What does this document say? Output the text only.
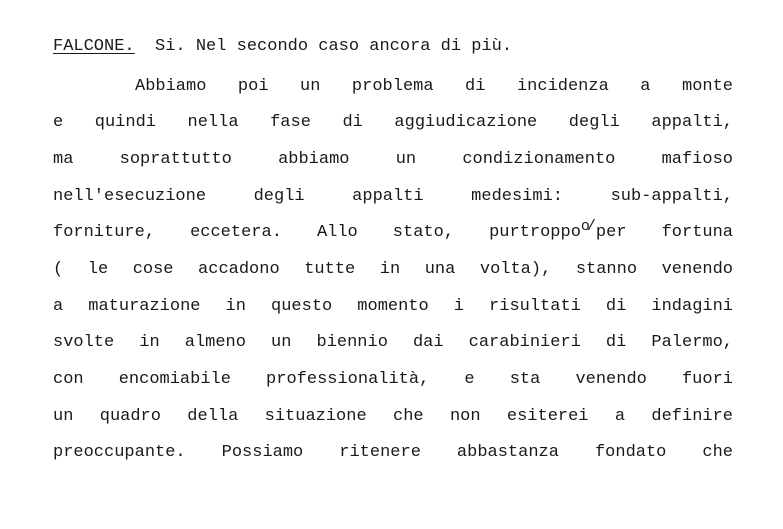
FALCONE. Si. Nel secondo caso ancora di più.
Abbiamo poi un problema di incidenza a monte
e quindi nella fase di aggiudicazione degli appalti,
ma soprattutto abbiamo un condizionamento mafioso
nell'esecuzione degli appalti medesimi: sub-appalti,
forniture, eccetera. Allo stato, purtroppoo/ per fortuna
( le cose accadono tutte in una volta), stanno venendo
a maturazione in questo momento i risultati di indagini
svolte in almeno un biennio dai carabinieri di Palermo,
con encomiabile professionalità, e sta venendo fuori
un quadro della situazione che non esiterei a definire
preoccupante. Possiamo ritenere abbastanza fondato che
